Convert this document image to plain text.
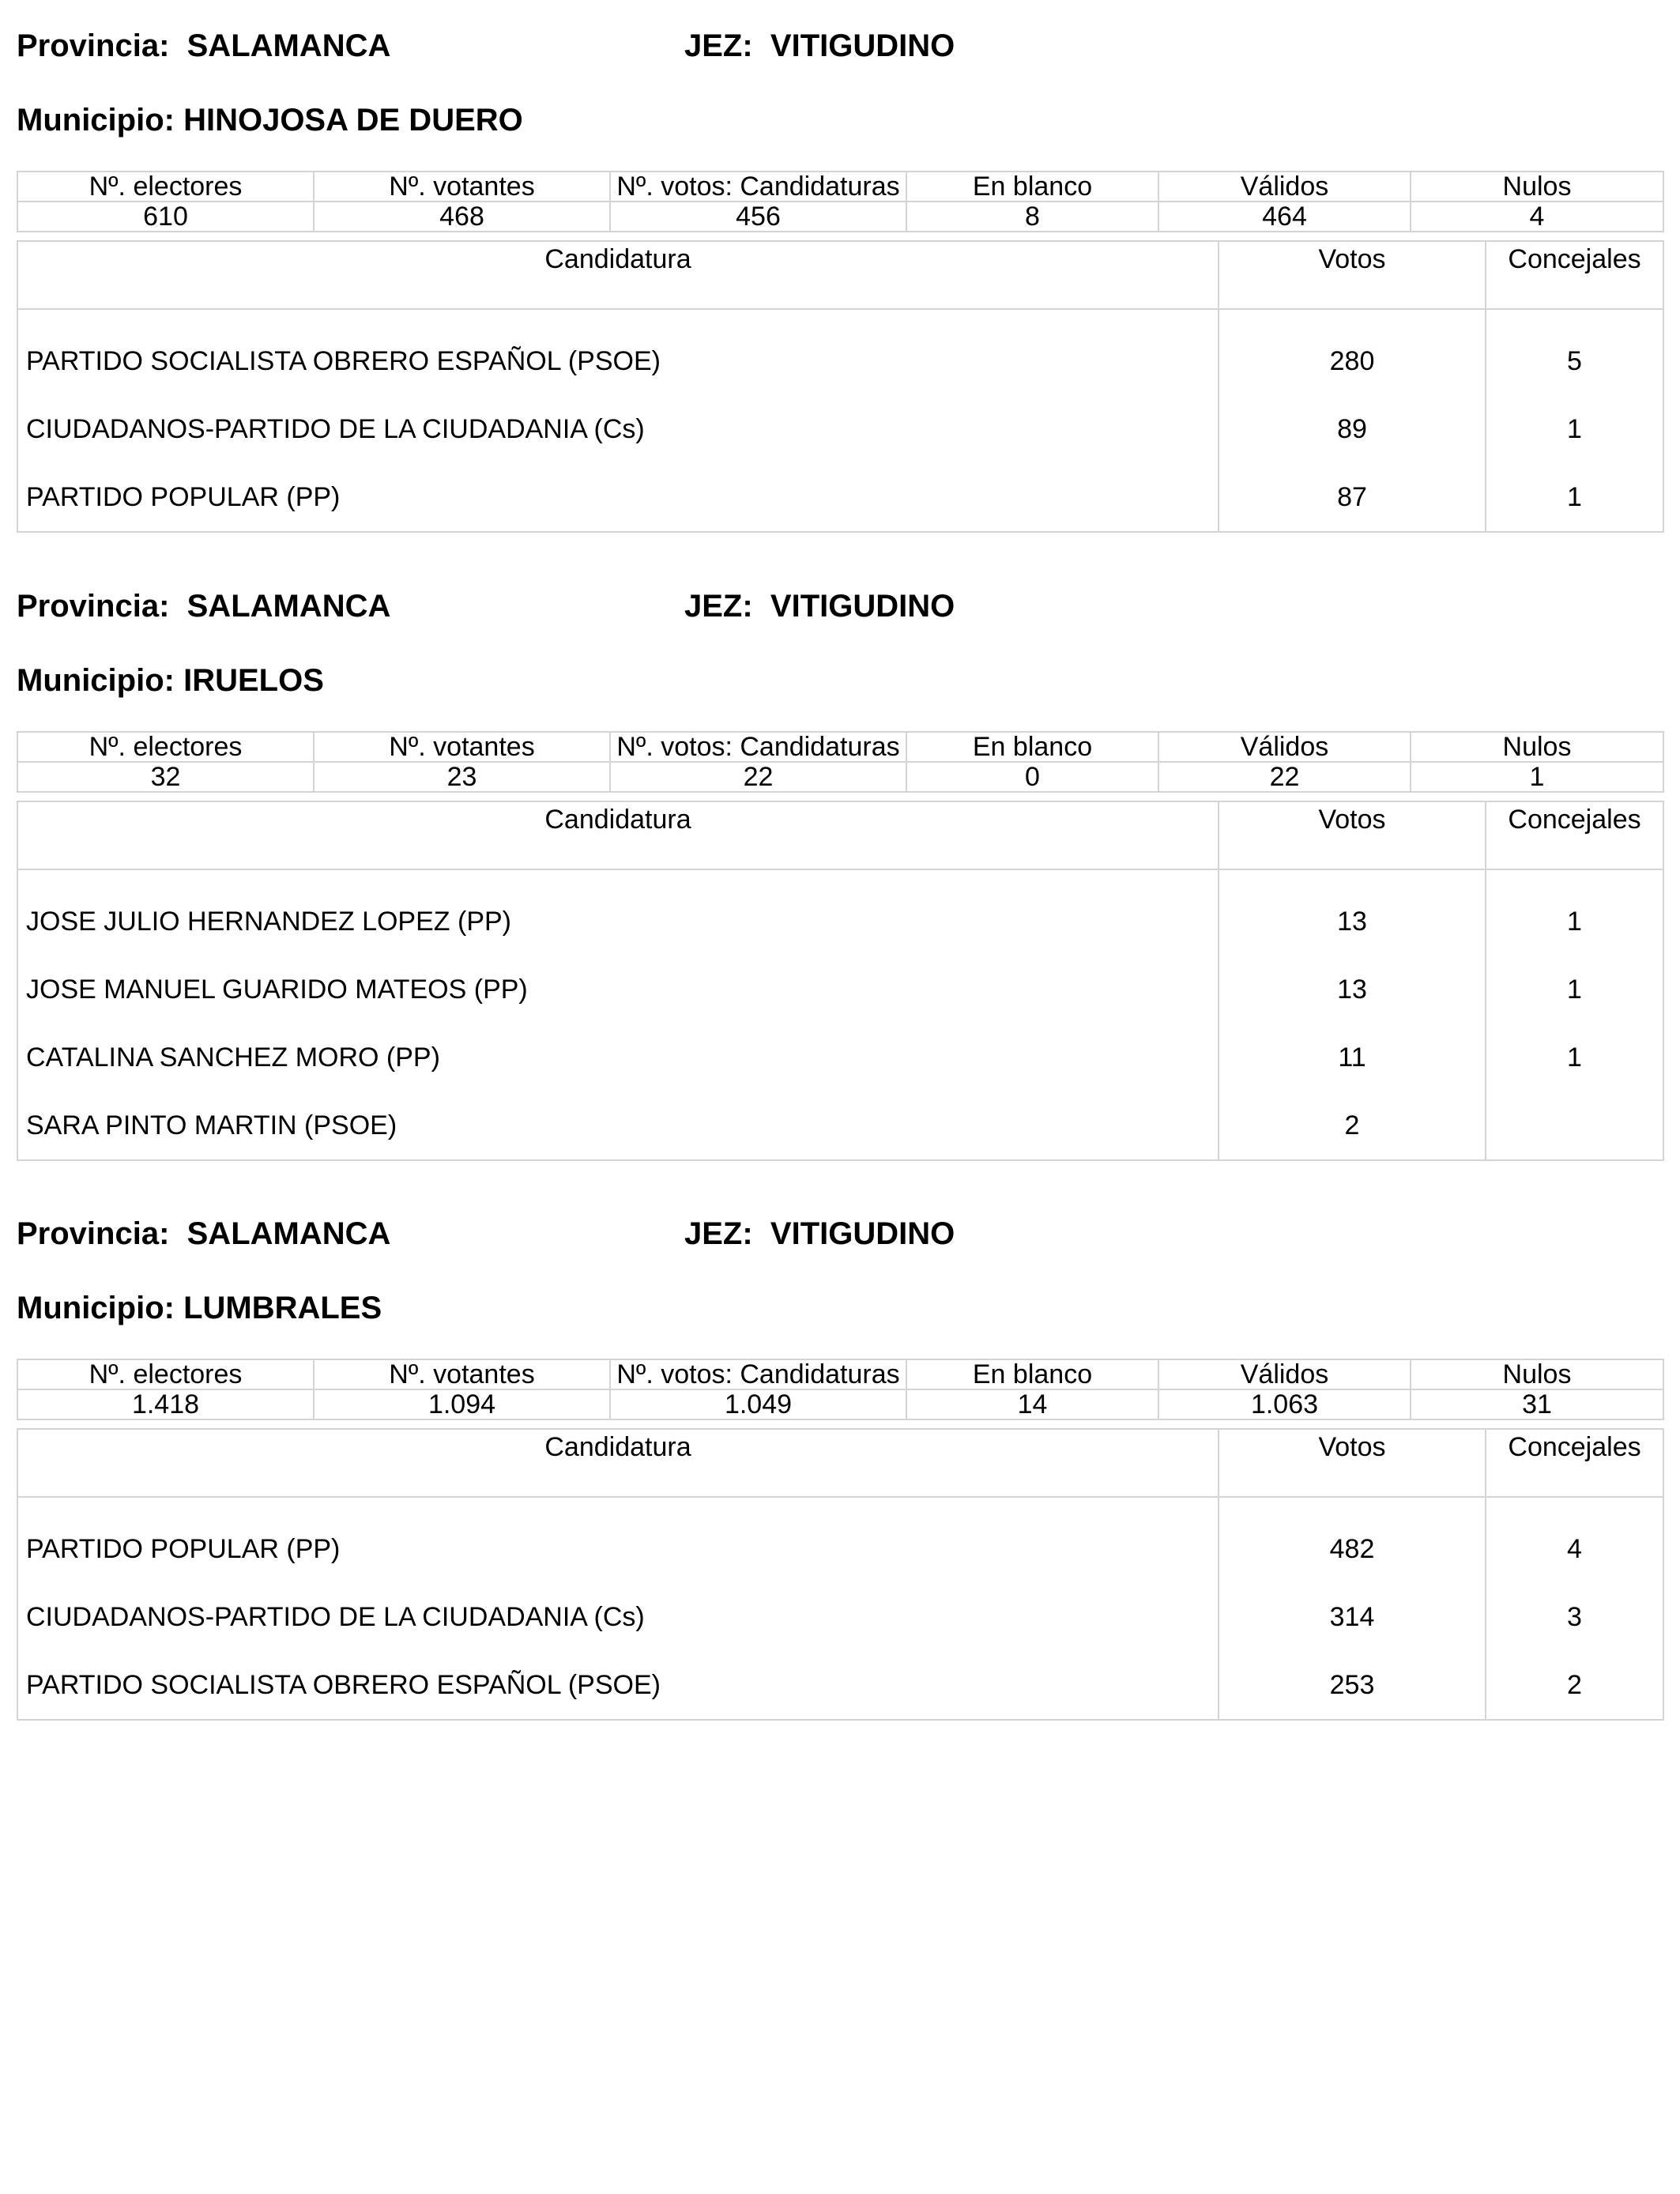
Provincia:  SALAMANCA	JEZ:  VITIGUDINO
Municipio: HINOJOSA DE DUERO
Nº. electores	Nº. votantes	Nº. votos: Candidaturas	En blanco	Válidos	Nulos
610	468	456	8	464	4
Candidatura	Votos	Concejales

PARTIDO SOCIALISTA OBRERO ESPAÑOL (PSOE)	280	5
CIUDADANOS-PARTIDO DE LA CIUDADANIA (Cs)	89	1
PARTIDO POPULAR (PP)	87	1
Provincia:  SALAMANCA	JEZ:  VITIGUDINO
Municipio: IRUELOS
Nº. electores	Nº. votantes	Nº. votos: Candidaturas	En blanco	Válidos	Nulos
32	23	22	0	22	1
Candidatura	Votos	Concejales

JOSE JULIO HERNANDEZ LOPEZ (PP)	13	1
JOSE MANUEL GUARIDO MATEOS (PP)	13	1
CATALINA SANCHEZ MORO (PP)	11	1
SARA PINTO MARTIN (PSOE)	2	
Provincia:  SALAMANCA	JEZ:  VITIGUDINO
Municipio: LUMBRALES
Nº. electores	Nº. votantes	Nº. votos: Candidaturas	En blanco	Válidos	Nulos
1.418	1.094	1.049	14	1.063	31
Candidatura	Votos	Concejales

PARTIDO POPULAR (PP)	482	4
CIUDADANOS-PARTIDO DE LA CIUDADANIA (Cs)	314	3
PARTIDO SOCIALISTA OBRERO ESPAÑOL (PSOE)	253	2
